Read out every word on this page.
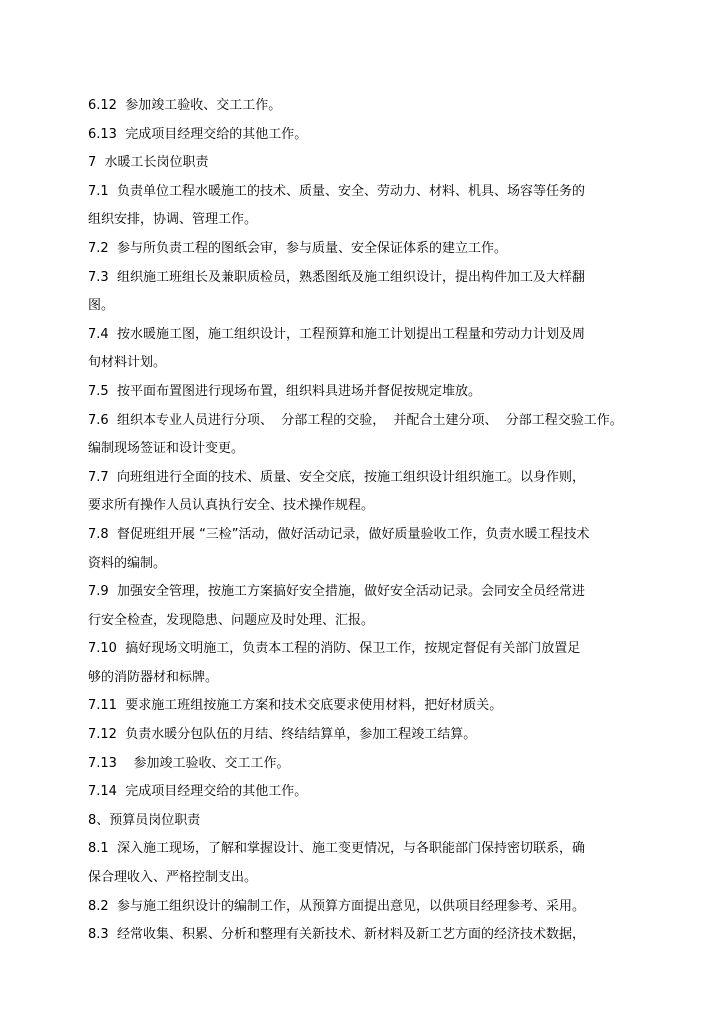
6.12  参加竣工验收、交工工作。
6.13  完成项目经理交给的其他工作。
7  水暖工长岗位职责
7.1  负责单位工程水暖施工的技术、质量、安全、劳动力、材料、机具、场容等任务的
组织安排，协调、管理工作。
7.2  参与所负责工程的图纸会审，参与质量、安全保证体系的建立工作。
7.3  组织施工班组长及兼职质检员，熟悉图纸及施工组织设计，提出构件加工及大样翻
图。
7.4  按水暖施工图，施工组织设计，工程预算和施工计划提出工程量和劳动力计划及周
旬材料计划。
7.5  按平面布置图进行现场布置，组织料具进场并督促按规定堆放。
7.6  组织本专业人员进行分项、  分部工程的交验，  并配合土建分项、  分部工程交验工作。
编制现场签证和设计变更。
7.7  向班组进行全面的技术、质量、安全交底，按施工组织设计组织施工。以身作则，
要求所有操作人员认真执行安全、技术操作规程。
7.8  督促班组开展 “三检”活动，做好活动记录，做好质量验收工作，负责水暖工程技术
资料的编制。
7.9  加强安全管理，按施工方案搞好安全措施，做好安全活动记录。会同安全员经常进
行安全检查，发现隐患、问题应及时处理、汇报。
7.10  搞好现场文明施工，负责本工程的消防、保卫工作，按规定督促有关部门放置足
够的消防器材和标牌。
7.11  要求施工班组按施工方案和技术交底要求使用材料，把好材质关。
7.12  负责水暖分包队伍的月结、终结结算单，参加工程竣工结算。
7.13    参加竣工验收、交工工作。
7.14  完成项目经理交给的其他工作。
8、预算员岗位职责
8.1  深入施工现场，了解和掌握设计、施工变更情况，与各职能部门保持密切联系，确
保合理收入、严格控制支出。
8.2  参与施工组织设计的编制工作，从预算方面提出意见，以供项目经理参考、采用。
8.3  经常收集、积累、分析和整理有关新技术、新材料及新工艺方面的经济技术数据，
